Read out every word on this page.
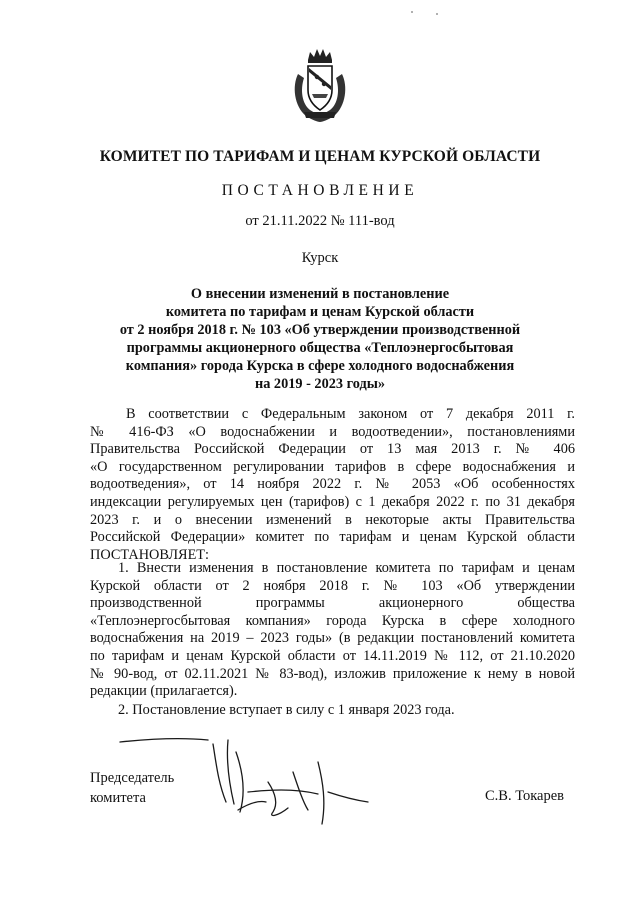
КОМИТЕТ ПО ТАРИФАМ И ЦЕНАМ КУРСКОЙ ОБЛАСТИ
ПОСТАНОВЛЕНИЕ
от 21.11.2022 № 111-вод
Курск
О внесении изменений в постановление
комитета по тарифам и ценам Курской области
от 2 ноября 2018 г. № 103 «Об утверждении производственной
программы акционерного общества «Теплоэнергосбытовая
компания» города Курска в сфере холодного водоснабжения
на 2019 - 2023 годы»
В соответствии с Федеральным законом от 7 декабря 2011 г.
№ 416-ФЗ «О водоснабжении и водоотведении», постановлениями
Правительства Российской Федерации от 13 мая 2013 г. № 406
«О государственном регулировании тарифов в сфере водоснабжения и
водоотведения», от 14 ноября 2022 г. № 2053 «Об особенностях
индексации регулируемых цен (тарифов) с 1 декабря 2022 г. по 31 декабря
2023 г. и о внесении изменений в некоторые акты Правительства
Российской Федерации» комитет по тарифам и ценам Курской области
ПОСТАНОВЛЯЕТ:
1. Внести изменения в постановление комитета по тарифам и ценам
Курской области от 2 ноября 2018 г. № 103 «Об утверждении
производственной программы акционерного общества
«Теплоэнергосбытовая компания» города Курска в сфере холодного
водоснабжения на 2019 – 2023 годы» (в редакции постановлений комитета
по тарифам и ценам Курской области от 14.11.2019 № 112, от 21.10.2020
№ 90-вод, от 02.11.2021 № 83-вод), изложив приложение к нему в новой
редакции (прилагается).
2. Постановление вступает в силу с 1 января 2023 года.
Председатель
комитета	С.В. Токарев
